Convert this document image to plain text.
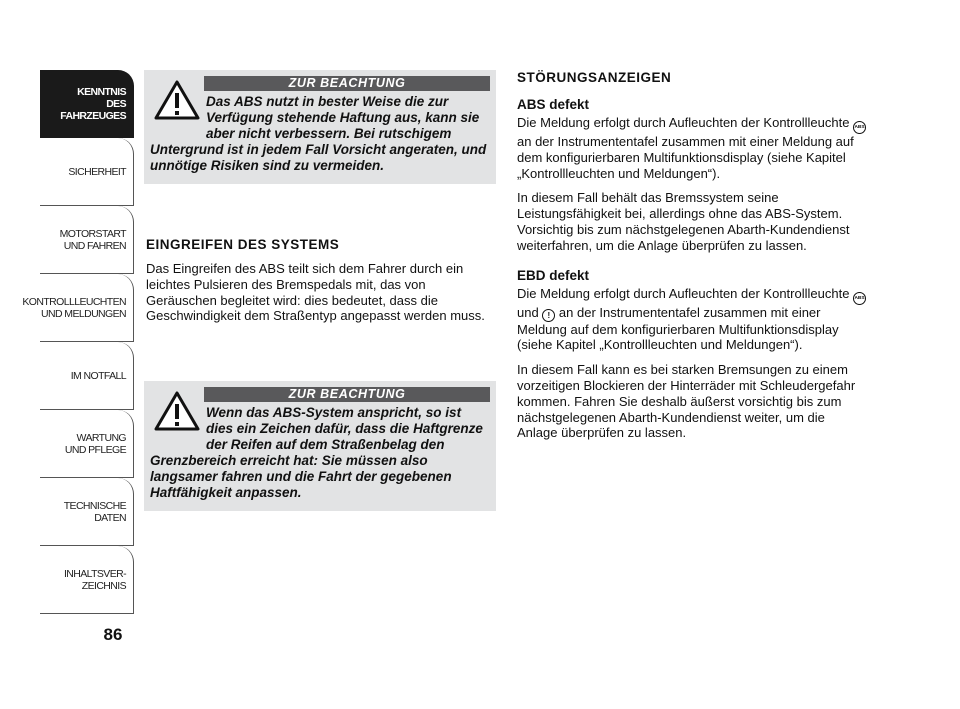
KENNTNIS
DES FAHRZEUGES
SICHERHEIT
MOTORSTART
UND FAHREN
KONTROLLLEUCHTEN
UND MELDUNGEN
IM NOTFALL
WARTUNG
UND PFLEGE
TECHNISCHE
DATEN
INHALTSVER-
ZEICHNIS
86
ZUR BEACHTUNG

Das ABS nutzt in bester Weise die zur Verfügung stehende Haftung aus, kann sie aber nicht verbessern. Bei rutschigem Untergrund ist in jedem Fall Vorsicht angeraten, und unnötige Risiken sind zu vermeiden.

EINGREIFEN DES SYSTEMS

Das Eingreifen des ABS teilt sich dem Fahrer durch ein leichtes Pulsieren des Bremspedals mit, das von Geräuschen begleitet wird: dies bedeutet, dass die Geschwindigkeit dem Straßentyp angepasst werden muss.

ZUR BEACHTUNG

Wenn das ABS-System anspricht, so ist dies ein Zeichen dafür, dass die Haftgrenze der Reifen auf dem Straßenbelag den Grenzbereich erreicht hat: Sie müssen also langsamer fahren und die Fahrt der gegebenen Haftfähigkeit anpassen.

STÖRUNGSANZEIGEN
ABS defekt

Die Meldung erfolgt durch Aufleuchten der Kontrollleuchte ABS an der Instrumententafel zusammen mit einer Meldung auf dem konfigurierbaren Multifunktionsdisplay (siehe Kapitel „Kontrollleuchten und Meldungen“).

In diesem Fall behält das Bremssystem seine Leistungsfähigkeit bei, allerdings ohne das ABS-System. Vorsichtig bis zum nächstgelegenen Abarth-Kundendienst weiterfahren, um die Anlage überprüfen zu lassen.

EBD defekt

Die Meldung erfolgt durch Aufleuchten der Kontrollleuchte ABS und ! an der Instrumententafel zusammen mit einer Meldung auf dem konfigurierbaren Multifunktionsdisplay (siehe Kapitel „Kontrollleuchten und Meldungen“).

In diesem Fall kann es bei starken Bremsungen zu einem vorzeitigen Blockieren der Hinterräder mit Schleudergefahr kommen. Fahren Sie deshalb äußerst vorsichtig bis zum nächstgelegenen Abarth-Kundendienst weiter, um die Anlage überprüfen zu lassen.
